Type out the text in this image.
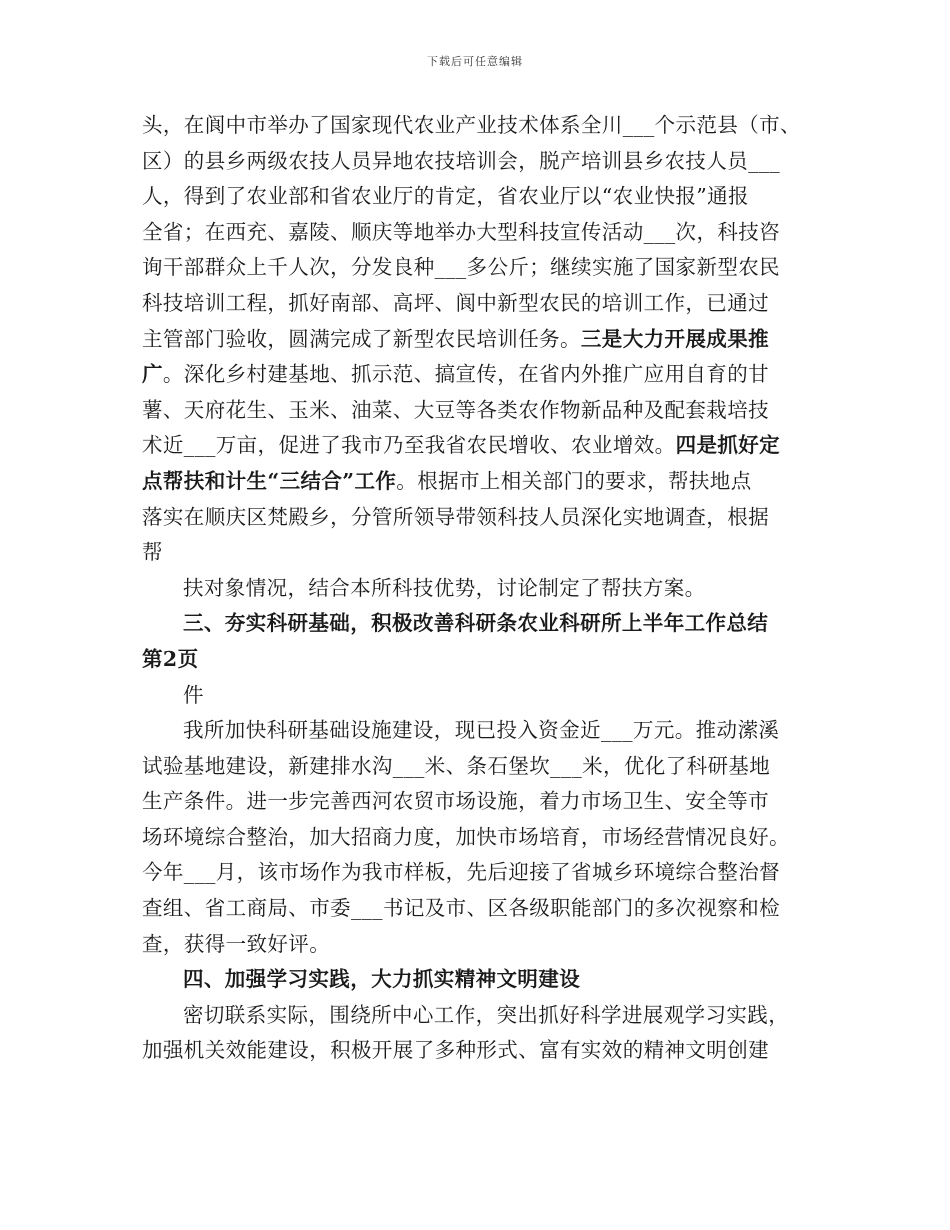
下载后可任意编辑
头，在阆中市举办了国家现代农业产业技术体系全川___个示范县（市、
区）的县乡两级农技人员异地农技培训会，脱产培训县乡农技人员___
人，得到了农业部和省农业厅的肯定，省农业厅以“农业快报”通报
全省；在西充、嘉陵、顺庆等地举办大型科技宣传活动___次，科技咨
询干部群众上千人次，分发良种___多公斤；继续实施了国家新型农民
科技培训工程，抓好南部、高坪、阆中新型农民的培训工作，已通过
主管部门验收，圆满完成了新型农民培训任务。三是大力开展成果推
广。深化乡村建基地、抓示范、搞宣传，在省内外推广应用自育的甘
薯、天府花生、玉米、油菜、大豆等各类农作物新品种及配套栽培技
术近___万亩，促进了我市乃至我省农民增收、农业增效。四是抓好定
点帮扶和计生“三结合”工作。根据市上相关部门的要求，帮扶地点
落实在顺庆区梵殿乡，分管所领导带领科技人员深化实地调查，根据
帮

扶对象情况，结合本所科技优势，讨论制定了帮扶方案。

三、夯实科研基础，积极改善科研条农业科研所上半年工作总结
第2页

件

我所加快科研基础设施建设，现已投入资金近___万元。推动潆溪
试验基地建设，新建排水沟___米、条石堡坎___米，优化了科研基地
生产条件。进一步完善西河农贸市场设施，着力市场卫生、安全等市
场环境综合整治，加大招商力度，加快市场培育，市场经营情况良好。
今年___月，该市场作为我市样板，先后迎接了省城乡环境综合整治督
查组、省工商局、市委___书记及市、区各级职能部门的多次视察和检
查，获得一致好评。

四、加强学习实践，大力抓实精神文明建设

密切联系实际，围绕所中心工作，突出抓好科学进展观学习实践，
加强机关效能建设，积极开展了多种形式、富有实效的精神文明创建
